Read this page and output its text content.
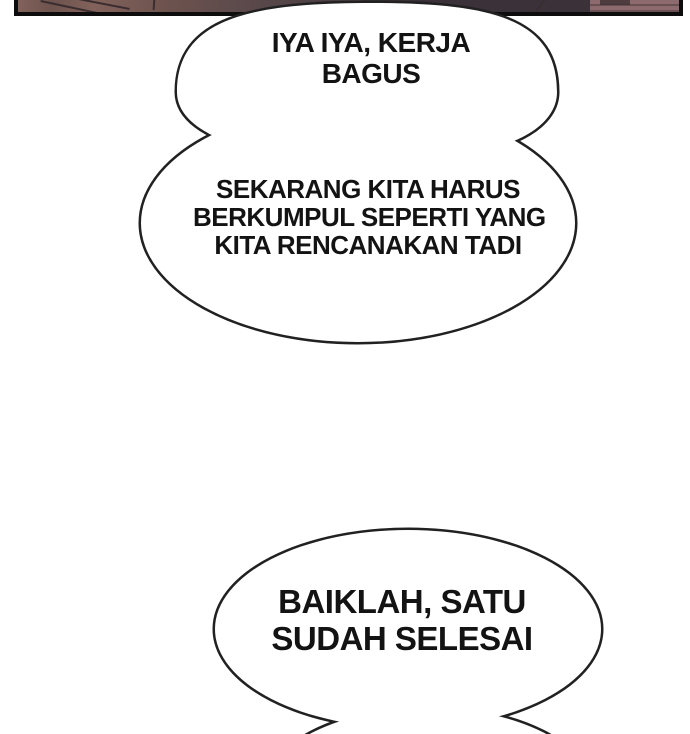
IYA IYA, KERJA
BAGUS
SEKARANG KITA HARUS
BERKUMPUL SEPERTI YANG
KITA RENCANAKAN TADI
BAIKLAH, SATU
SUDAH SELESAI
